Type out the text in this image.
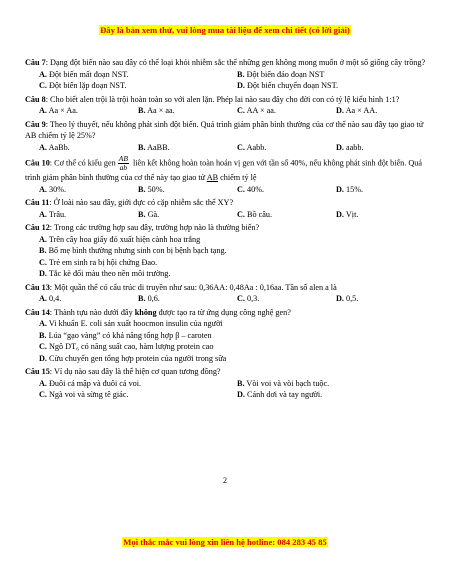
Đây là bản xem thử, vui lòng mua tài liệu để xem chi tiết (có lời giải)

Câu 7: Dạng đột biến nào sau đây có thể loại khỏi nhiễm sắc thể những gen không mong muốn ở một số giống cây trồng?

A. Đột biến mất đoạn NST.	B. Đột biến đảo đoạn NST
C. Đột biến lặp đoạn NST.	D. Đột biến chuyển đoạn NST.

Câu 8: Cho biết alen trội là trội hoàn toàn so với alen lặn. Phép lai nào sau đây cho đời con có tỷ lệ kiểu hình 1:1?

A. Aa × Aa.	B. Aa × aa.	C. AA × aa.	D. Aa × AA.

Câu 9: Theo lý thuyết, nếu không phát sinh đột biến. Quá trình giảm phân bình thường của cơ thể nào sau đây tạo giao tử AB chiếm tỷ lệ 25%?

A. AaBb.	B. AaBB.	C. Aabb.	D. aabb.

Câu 10: Cơ thể có kiểu gen $\frac{AB}{ab}$ liên kết không hoàn toàn hoán vị gen với tần số 40%, nếu không phát sinh đột biến. Quá trình giảm phân bình thường của cơ thể này tạo giao tử AB chiếm tỷ lệ

A. 30%.	B. 50%.	C. 40%.	D. 15%.

Câu 11: Ở loài nào sau đây, giới đực có cặp nhiễm sắc thể XY?

A. Trâu.	B. Gà.	C. Bồ câu.	D. Vịt.

Câu 12: Trong các trường hợp sau đây, trường hợp nào là thường biến?

A. Trên cây hoa giấy đỏ xuất hiện cành hoa trắng
B. Bố mẹ bình thường nhưng sinh con bị bệnh bạch tạng.
C. Trẻ em sinh ra bị hội chứng Đao.
D. Tắc kè đổi màu theo nền môi trường.

Câu 13: Một quần thể có cấu trúc di truyền như sau: 0,36AA: 0,48Aa : 0,16aa. Tần số alen a là

A. 0,4.	B. 0,6.	C. 0,3.	D. 0,5.

Câu 14: Thành tựu nào dưới đây không được tạo ra từ ứng dụng công nghệ gen?

A. Vi khuẩn E. coli sản xuất hoocmon insulin của người
B. Lúa “gạo vàng” có khả năng tổng hợp β – caroten
C. Ngô DT₆ có năng suất cao, hàm lượng protein cao
D. Cừu chuyển gen tổng hợp protein của người trong sữa

Câu 15: Ví dụ nào sau đây là thể hiện cơ quan tương đồng?

A. Đuôi cá mập và đuôi cá voi.	B. Vòi voi và vòi bạch tuộc.
C. Ngà voi và sừng tê giác.	D. Cánh dơi và tay người.
2
Mọi thắc mắc vui lòng xin liên hệ hotline: 084 283 45 85
